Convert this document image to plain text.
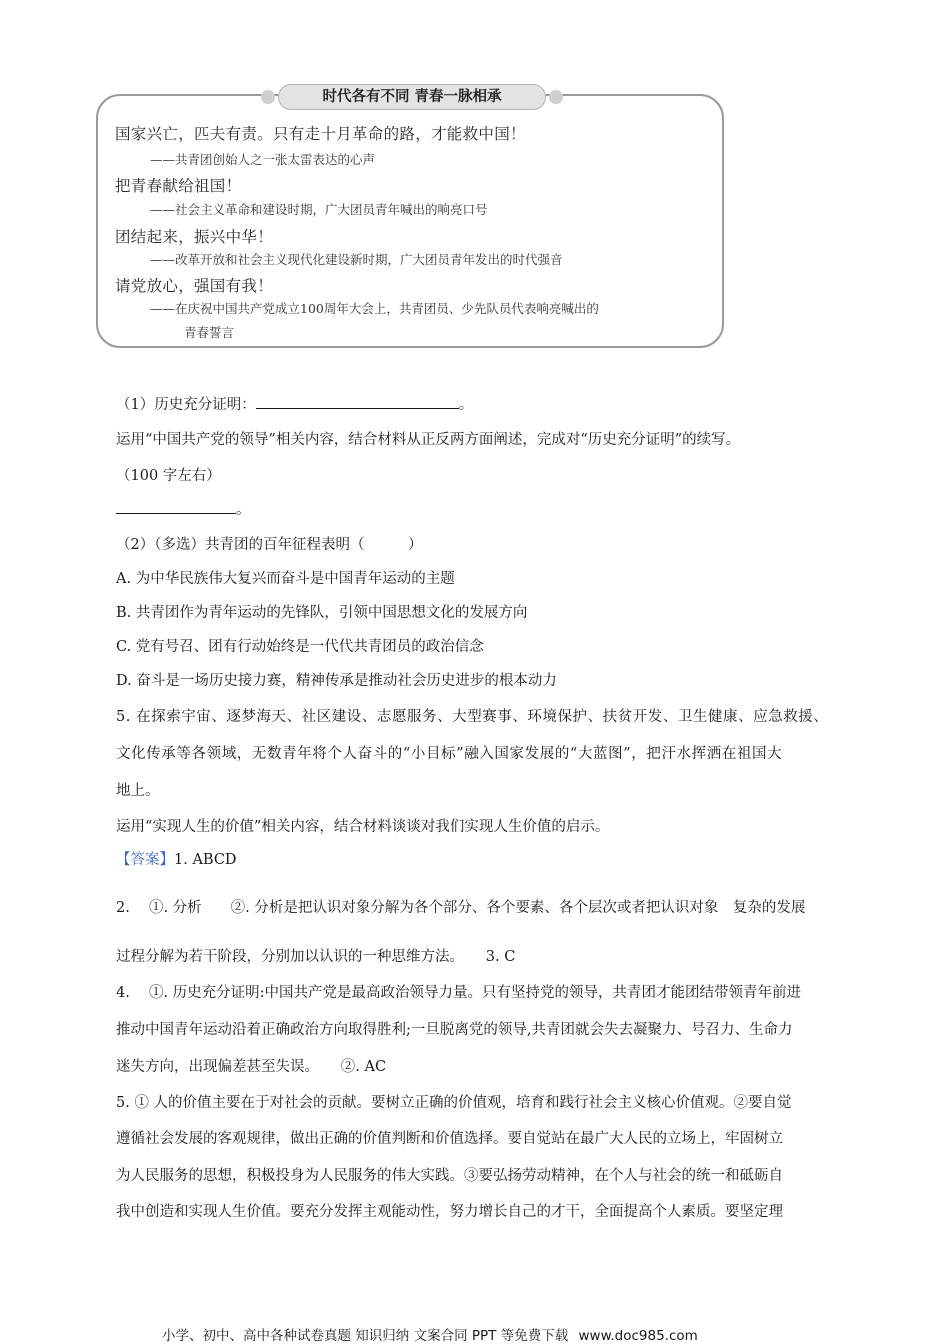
时代各有不同 青春一脉相承
国家兴亡，匹夫有责。只有走十月革命的路，才能救中国！
——共青团创始人之一张太雷表达的心声
把青春献给祖国！
——社会主义革命和建设时期，广大团员青年喊出的响亮口号
团结起来，振兴中华！
——改革开放和社会主义现代化建设新时期，广大团员青年发出的时代强音
请党放心，强国有我！
——在庆祝中国共产党成立100周年大会上，共青团员、少先队员代表响亮喊出的
青春誓言
（1）历史充分证明：	。
运用“中国共产党的领导”相关内容，结合材料从正反两方面阐述，完成对“历史充分证明”的续写。
（100 字左右）
。
（2）（多选）共青团的百年征程表明（　　　）
A. 为中华民族伟大复兴而奋斗是中国青年运动的主题
B. 共青团作为青年运动的先锋队，引领中国思想文化的发展方向
C. 党有号召、团有行动始终是一代代共青团员的政治信念
D. 奋斗是一场历史接力赛，精神传承是推动社会历史进步的根本动力
5. 在探索宇宙、逐梦海天、社区建设、志愿服务、大型赛事、环境保护、扶贫开发、卫生健康、应急救援、
文化传承等各领域，无数青年将个人奋斗的“小目标”融入国家发展的“大蓝图”，把汗水挥洒在祖国大
地上。
运用“实现人生的价值”相关内容，结合材料谈谈对我们实现人生价值的启示。
【答案】1. ABCD
2.　 ①. 分析　　②. 分析是把认识对象分解为各个部分、各个要素、各个层次或者把认识对象　复杂的发展
过程分解为若干阶段，分别加以认识的一种思维方法。　　3. C
4.　 ①. 历史充分证明:中国共产党是最高政治领导力量。只有坚持党的领导，共青团才能团结带领青年前进
推动中国青年运动沿着正确政治方向取得胜利;一旦脱离党的领导,共青团就会失去凝聚力、号召力、生命力
迷失方向，出现偏差甚至失误。　　②. AC
5. ① 人的价值主要在于对社会的贡献。要树立正确的价值观，培育和践行社会主义核心价值观。②要自觉
遵循社会发展的客观规律，做出正确的价值判断和价值选择。要自觉站在最广大人民的立场上，牢固树立
为人民服务的思想，积极投身为人民服务的伟大实践。③要弘扬劳动精神，在个人与社会的统一和砥砺自
我中创造和实现人生价值。要充分发挥主观能动性，努力增长自己的才干，全面提高个人素质。要坚定理
小学、初中、高中各种试卷真题 知识归纳 文案合同 PPT 等免费下载 www.doc985.com
